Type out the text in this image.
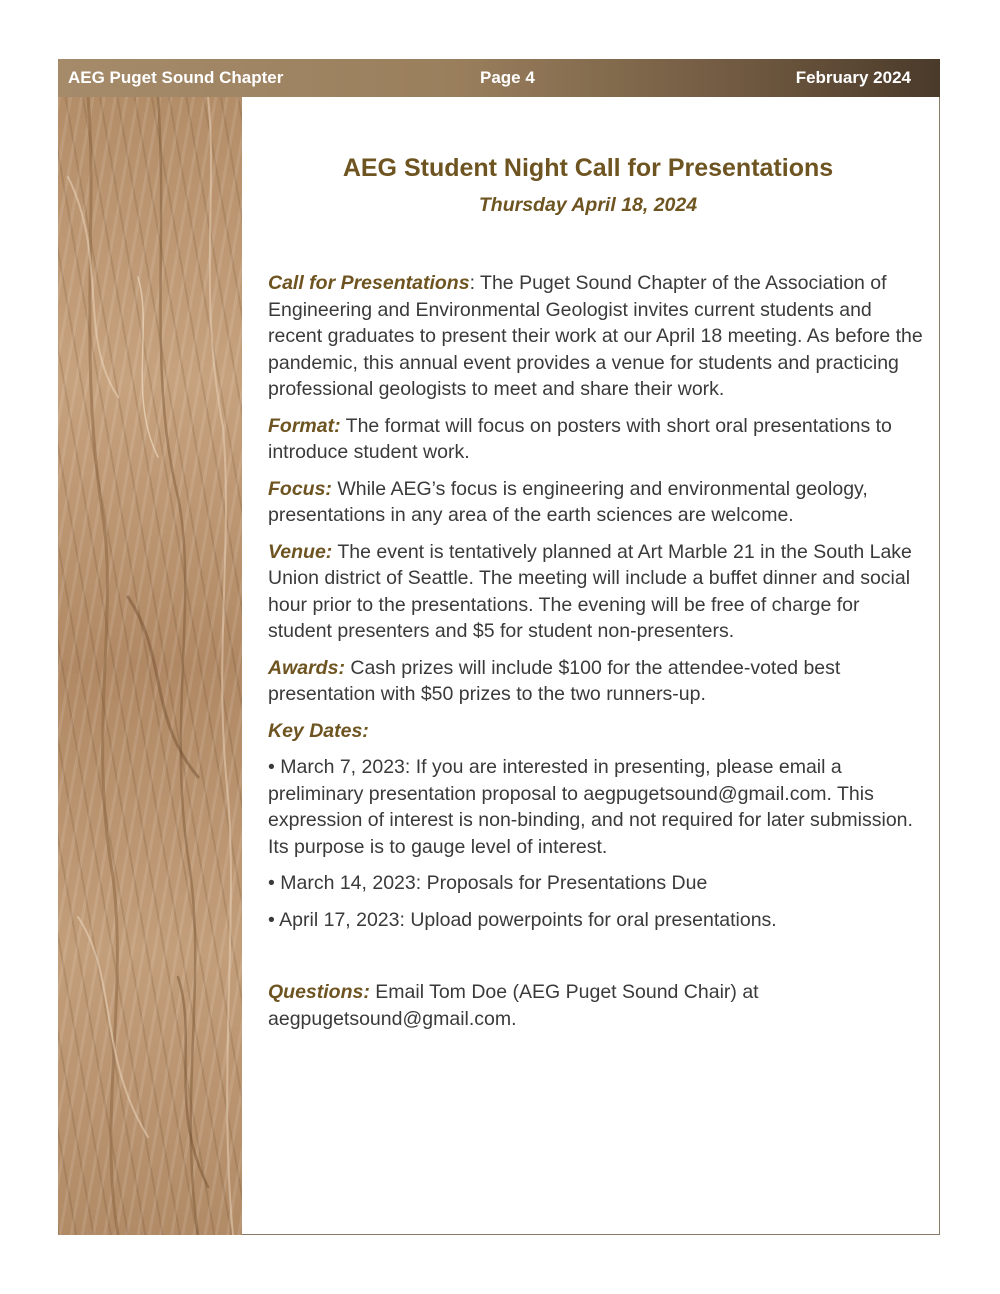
AEG Puget Sound Chapter	Page 4	February 2024
AEG Student Night Call for Presentations
Thursday April 18, 2024
Call for Presentations: The Puget Sound Chapter of the Association of Engineering and Environmental Geologist invites current students and recent graduates to present their work at our April 18 meeting. As before the pandemic, this annual event provides a venue for students and practicing professional geologists to meet and share their work.
Format: The format will focus on posters with short oral presentations to introduce student work.
Focus: While AEG’s focus is engineering and environmental geology, presentations in any area of the earth sciences are welcome.
Venue: The event is tentatively planned at Art Marble 21 in the South Lake Union district of Seattle. The meeting will include a buffet dinner and social hour prior to the presentations. The evening will be free of charge for student presenters and $5 for student non-presenters.
Awards: Cash prizes will include $100 for the attendee-voted best presentation with $50 prizes to the two runners-up.
Key Dates:
• March 7, 2023: If you are interested in presenting, please email a preliminary presentation proposal to aegpugetsound@gmail.com. This expression of interest is non-binding, and not required for later submission. Its purpose is to gauge level of interest.
• March 14, 2023: Proposals for Presentations Due
• April 17, 2023: Upload powerpoints for oral presentations.
Questions: Email Tom Doe (AEG Puget Sound Chair) at aegpugetsound@gmail.com.
